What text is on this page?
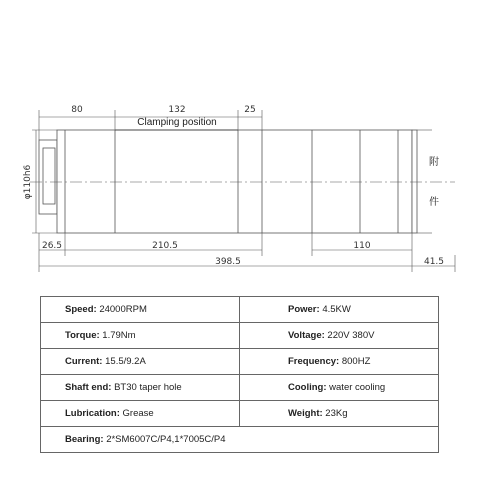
80	132	25
Clamping position
φ110h6
附
件
26.5	210.5	110
398.5	41.5
Speed: 24000RPM	Power: 4.5KW
Torque: 1.79Nm	Voltage: 220V 380V
Current: 15.5/9.2A	Frequency: 800HZ
Shaft end: BT30 taper hole	Cooling: water cooling
Lubrication: Grease	Weight: 23Kg
Bearing: 2*SM6007C/P4,1*7005C/P4	
